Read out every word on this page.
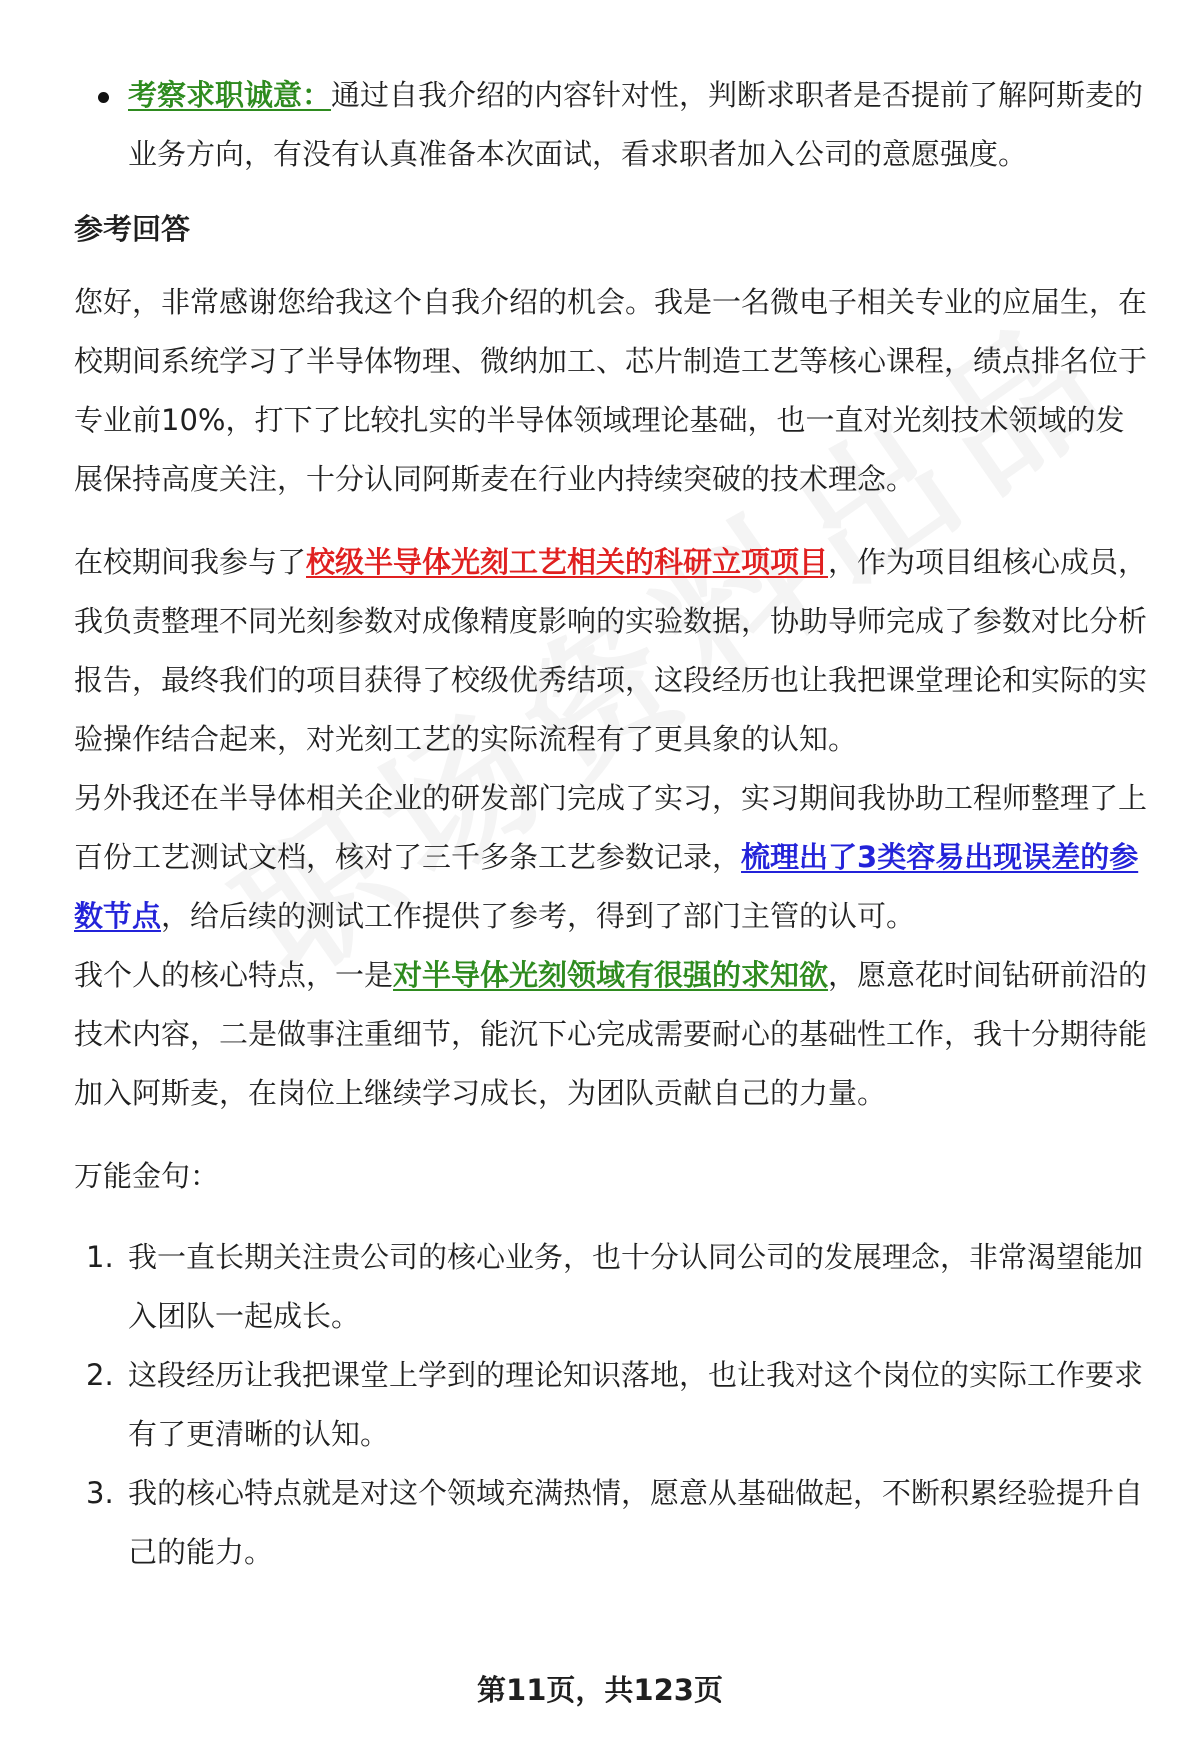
考察求职诚意：通过自我介绍的内容针对性，判断求职者是否提前了解阿斯麦的业务方向，有没有认真准备本次面试，看求职者加入公司的意愿强度。
参考回答

您好，非常感谢您给我这个自我介绍的机会。我是一名微电子相关专业的应届生，在校期间系统学习了半导体物理、微纳加工、芯片制造工艺等核心课程，绩点排名位于专业前10%，打下了比较扎实的半导体领域理论基础，也一直对光刻技术领域的发展保持高度关注，十分认同阿斯麦在行业内持续突破的技术理念。

在校期间我参与了校级半导体光刻工艺相关的科研立项项目，作为项目组核心成员，我负责整理不同光刻参数对成像精度影响的实验数据，协助导师完成了参数对比分析报告，最终我们的项目获得了校级优秀结项，这段经历也让我把课堂理论和实际的实验操作结合起来，对光刻工艺的实际流程有了更具象的认知。

另外我还在半导体相关企业的研发部门完成了实习，实习期间我协助工程师整理了上百份工艺测试文档，核对了三千多条工艺参数记录，梳理出了3类容易出现误差的参数节点，给后续的测试工作提供了参考，得到了部门主管的认可。

我个人的核心特点，一是对半导体光刻领域有很强的求知欲，愿意花时间钻研前沿的技术内容，二是做事注重细节，能沉下心完成需要耐心的基础性工作，我十分期待能加入阿斯麦，在岗位上继续学习成长，为团队贡献自己的力量。

万能金句：

1. 我一直长期关注贵公司的核心业务，也十分认同公司的发展理念，非常渴望能加入团队一起成长。
2. 这段经历让我把课堂上学到的理论知识落地，也让我对这个岗位的实际工作要求有了更清晰的认知。
3. 我的核心特点就是对这个领域充满热情，愿意从基础做起，不断积累经验提升自己的能力。
第11页，共123页
